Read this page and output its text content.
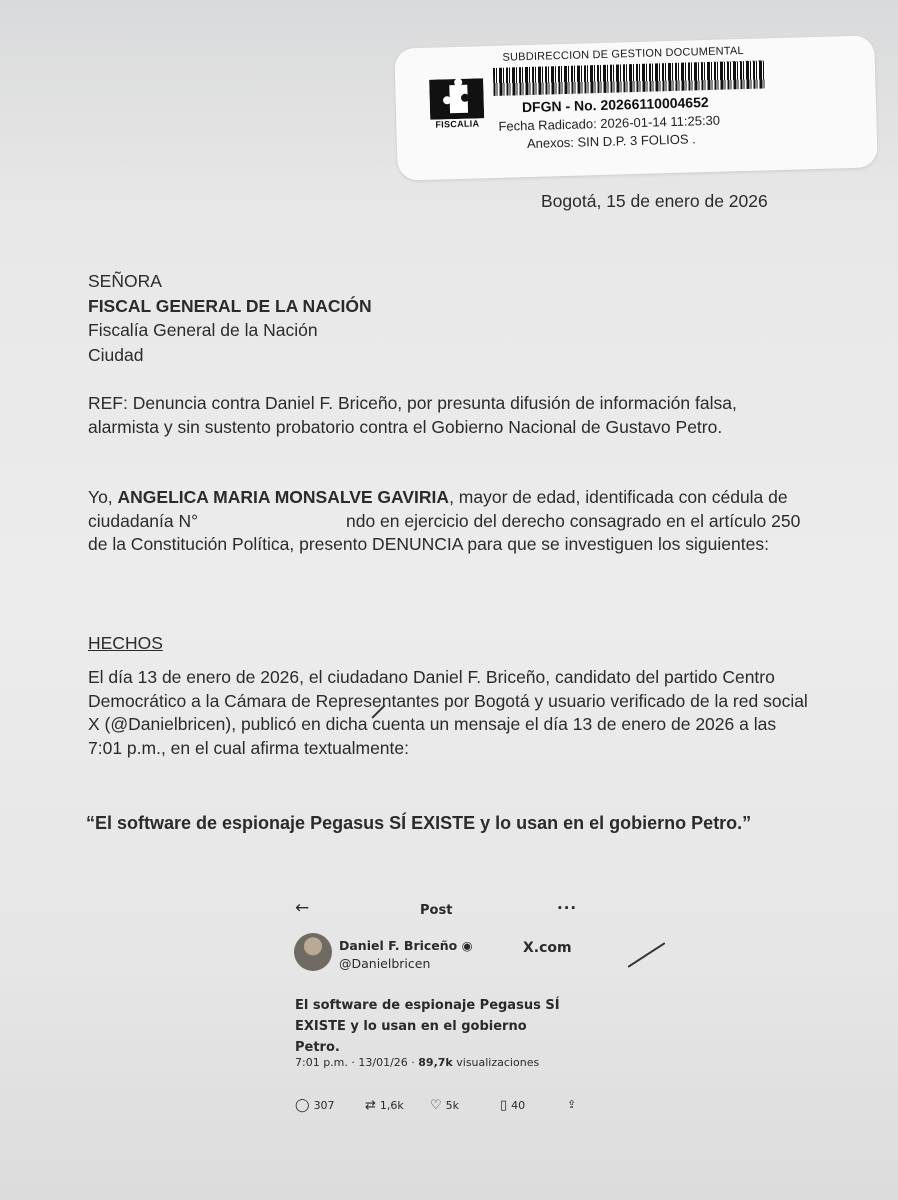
FISCALIA
SUBDIRECCION DE GESTION DOCUMENTAL
DFGN - No. 20266110004652
Fecha Radicado: 2026-01-14 11:25:30
Anexos: SIN D.P. 3 FOLIOS .
Bogotá, 15 de enero de 2026
SEÑORA
FISCAL GENERAL DE LA NACIÓN
Fiscalía General de la Nación
Ciudad
REF: Denuncia contra Daniel F. Briceño, por presunta difusión de información falsa, alarmista y sin sustento probatorio contra el Gobierno Nacional de Gustavo Petro.
Yo, ANGELICA MARIA MONSALVE GAVIRIA, mayor de edad, identificada con cédula de ciudadanía N°	ndo en ejercicio del derecho consagrado en el artículo 250 de la Constitución Política, presento DENUNCIA para que se investiguen los siguientes:
HECHOS
El día 13 de enero de 2026, el ciudadano Daniel F. Briceño, candidato del partido Centro Democrático a la Cámara de Representantes por Bogotá y usuario verificado de la red social X (@Danielbricen), publicó en dicha cuenta un mensaje el día 13 de enero de 2026 a las 7:01 p.m., en el cual afirma textualmente:
“El software de espionaje Pegasus SÍ EXISTE y lo usan en el gobierno Petro.”
←	Post	···
Daniel F. Briceño ◉
@Danielbricen
X.com
El software de espionaje Pegasus SÍ EXISTE y lo usan en el gobierno Petro.
7:01 p.m. · 13/01/26 · 89,7k visualizaciones
◯ 307 ⇄ 1,6k ♡ 5k	▯ 40	⇪
